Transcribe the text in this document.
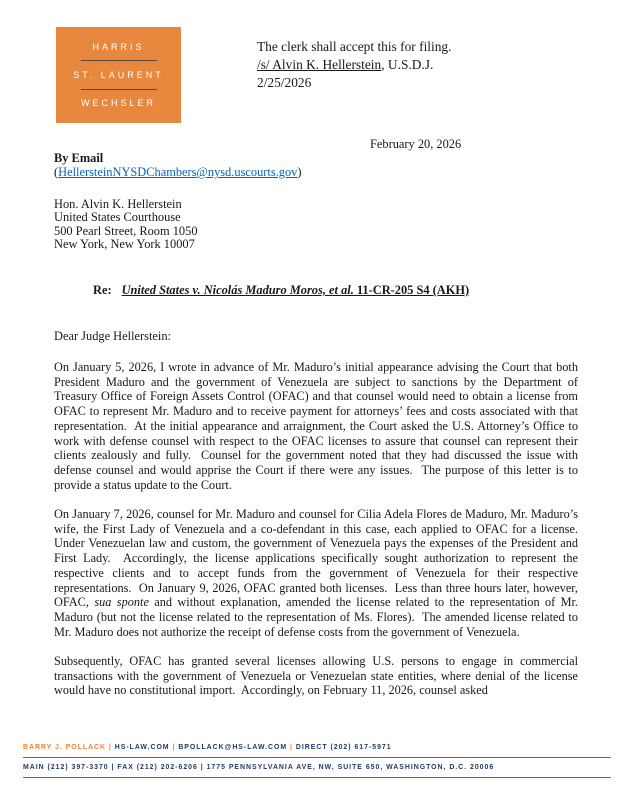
HARRIS
ST. LAURENT
WECHSLER
The clerk shall accept this for filing.
/s/ Alvin K. Hellerstein, U.S.D.J.
2/25/2026
February 20, 2026
By Email
(HellersteinNYSDChambers@nysd.uscourts.gov)
Hon. Alvin K. Hellerstein
United States Courthouse
500 Pearl Street, Room 1050
New York, New York 10007
Re: United States v. Nicolás Maduro Moros, et al. 11-CR-205 S4 (AKH)
Dear Judge Hellerstein:

On January 5, 2026, I wrote in advance of Mr. Maduro’s initial appearance advising the Court that both President Maduro and the government of Venezuela are subject to sanctions by the Department of Treasury Office of Foreign Assets Control (OFAC) and that counsel would need to obtain a license from OFAC to represent Mr. Maduro and to receive payment for attorneys’ fees and costs associated with that representation.  At the initial appearance and arraignment, the Court asked the U.S. Attorney’s Office to work with defense counsel with respect to the OFAC licenses to assure that counsel can represent their clients zealously and fully.  Counsel for the government noted that they had discussed the issue with defense counsel and would apprise the Court if there were any issues.  The purpose of this letter is to provide a status update to the Court.

On January 7, 2026, counsel for Mr. Maduro and counsel for Cilia Adela Flores de Maduro, Mr. Maduro’s wife, the First Lady of Venezuela and a co-defendant in this case, each applied to OFAC for a license.  Under Venezuelan law and custom, the government of Venezuela pays the expenses of the President and First Lady.  Accordingly, the license applications specifically sought authorization to represent the respective clients and to accept funds from the government of Venezuela for their respective representations.  On January 9, 2026, OFAC granted both licenses.  Less than three hours later, however, OFAC, sua sponte and without explanation, amended the license related to the representation of Mr. Maduro (but not the license related to the representation of Ms. Flores).  The amended license related to Mr. Maduro does not authorize the receipt of defense costs from the government of Venezuela.

Subsequently, OFAC has granted several licenses allowing U.S. persons to engage in commercial transactions with the government of Venezuela or Venezuelan state entities, where denial of the license would have no constitutional import.  Accordingly, on February 11, 2026, counsel asked

BARRY J. POLLACK | HS-LAW.COM | BPOLLACK@HS-LAW.COM | DIRECT (202) 617-5971
MAIN (212) 397-3370 | FAX (212) 202-6206 | 1775 PENNSYLVANIA AVE, NW, SUITE 650, WASHINGTON, D.C. 20006
